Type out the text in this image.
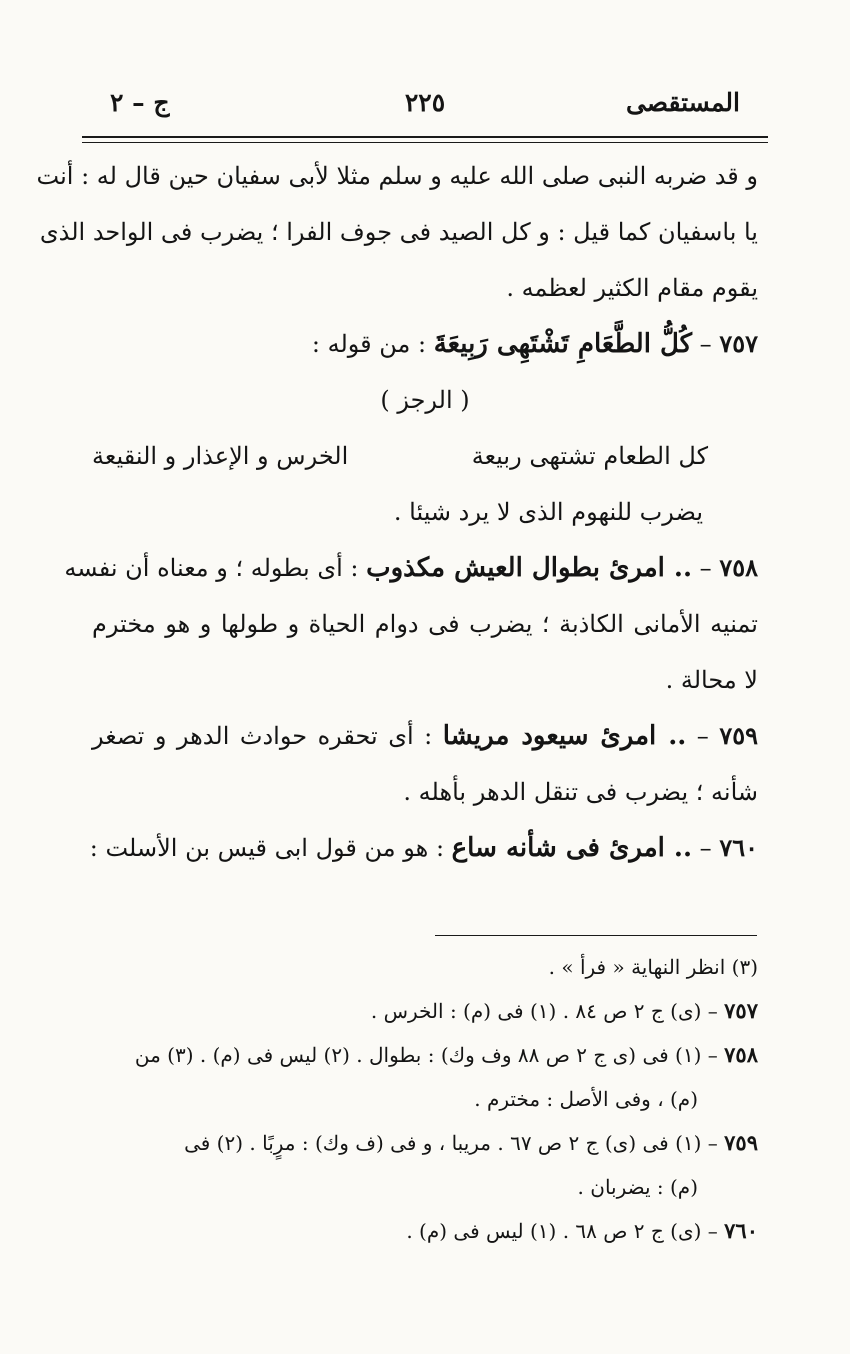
المستقصى
٢٢٥
ج – ٢
و قد ضربه النبى صلى الله عليه و سلم مثلا لأبى سفيان حين قال له : أنت
يا باسفيان كما قيل : و كل الصيد فى جوف الفرا ؛ يضرب فى الواحد الذى
يقوم مقام الكثير لعظمه .
٧٥٧ – كُلُّ الطَّعَامِ تَشْتَهِى رَبِيعَةَ : من قوله :
( الرجز )
كل الطعام تشتهى ربيعة
الخرس و الإعذار و النقيعة
يضرب للنهوم الذى لا يرد شيئا .
٧٥٨ – .. امرئ بطوال العيش مكذوب : أى بطوله ؛ و معناه أن نفسه
تمنيه الأمانى الكاذبة ؛ يضرب فى دوام الحياة و طولها و هو مخترم
لا محالة .
٧٥٩ – .. امرئ سيعود مريشا : أى تحقره حوادث الدهر و تصغر
شأنه ؛ يضرب فى تنقل الدهر بأهله .
٧٦٠ – .. امرئ فى شأنه ساع : هو من قول ابى قيس بن الأسلت :
(٣) انظر النهاية « فرأ » .
٧٥٧ – (ى) ج ٢ ص ٨٤ . (١) فى (م) : الخرس .
٧٥٨ – (١) فى (ى ج ٢ ص ٨٨ وف وك) : بطوال . (٢) ليس فى (م) . (٣) من
(م) ، وفى الأصل : مخترم .
٧٥٩ – (١) فى (ى) ج ٢ ص ٦٧ . مريبا ، و فى (ف وك) : مرٍبًا . (٢) فى
(م) : يضربان .
٧٦٠ – (ى) ج ٢ ص ٦٨ . (١) ليس فى (م) .
